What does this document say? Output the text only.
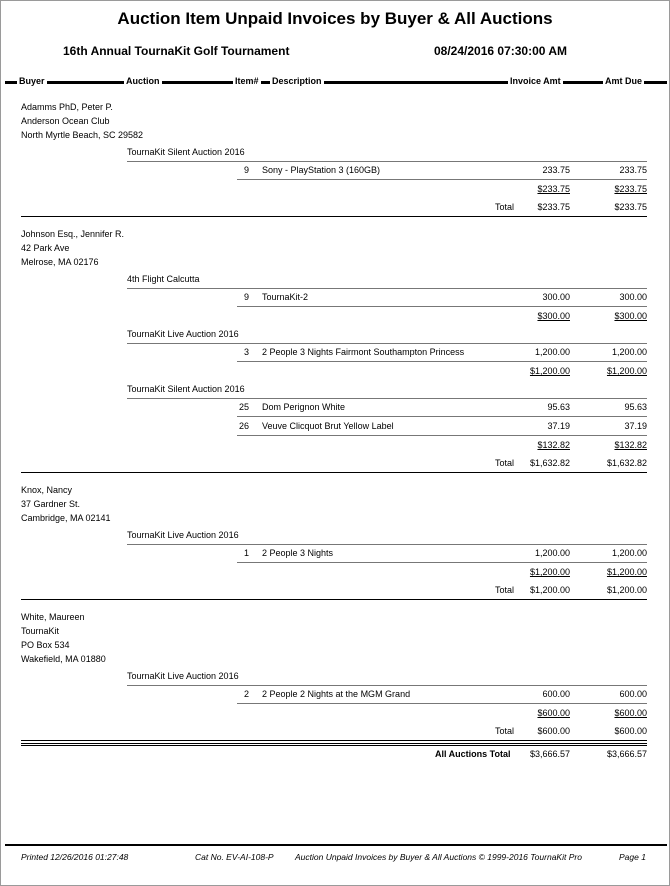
Auction Item Unpaid Invoices by Buyer & All Auctions
16th Annual TournaKit Golf Tournament	08/24/2016 07:30:00 AM
Buyer	Auction	Item# Description	Invoice Amt	Amt Due
Adamms PhD, Peter P.
Anderson Ocean Club
North Myrtle Beach, SC 29582
TournaKit Silent Auction 2016
9 Sony - PlayStation 3 (160GB)	233.75	233.75
$233.75	$233.75
Total	$233.75	$233.75
Johnson Esq., Jennifer R.
42 Park Ave
Melrose, MA 02176
4th Flight Calcutta
9 TournaKit-2	300.00	300.00
$300.00	$300.00
TournaKit Live Auction 2016
3 2 People 3 Nights Fairmont Southampton Princess	1,200.00	1,200.00
$1,200.00	$1,200.00
TournaKit Silent Auction 2016
25 Dom Perignon White	95.63	95.63
26 Veuve Clicquot Brut Yellow Label	37.19	37.19
$132.82	$132.82
Total	$1,632.82	$1,632.82
Knox, Nancy
37 Gardner St.
Cambridge, MA 02141
TournaKit Live Auction 2016
1 2 People 3 Nights	1,200.00	1,200.00
$1,200.00	$1,200.00
Total	$1,200.00	$1,200.00
White, Maureen
TournaKit
PO Box 534
Wakefield, MA 01880
TournaKit Live Auction 2016
2 2 People 2 Nights at the MGM Grand	600.00	600.00
$600.00	$600.00
Total	$600.00	$600.00
All Auctions Total	$3,666.57	$3,666.57
Printed 12/26/2016 01:27:48	Cat No. EV-AI-108-P	Auction Unpaid Invoices by Buyer & All Auctions © 1999-2016 TournaKit Pro	Page 1
